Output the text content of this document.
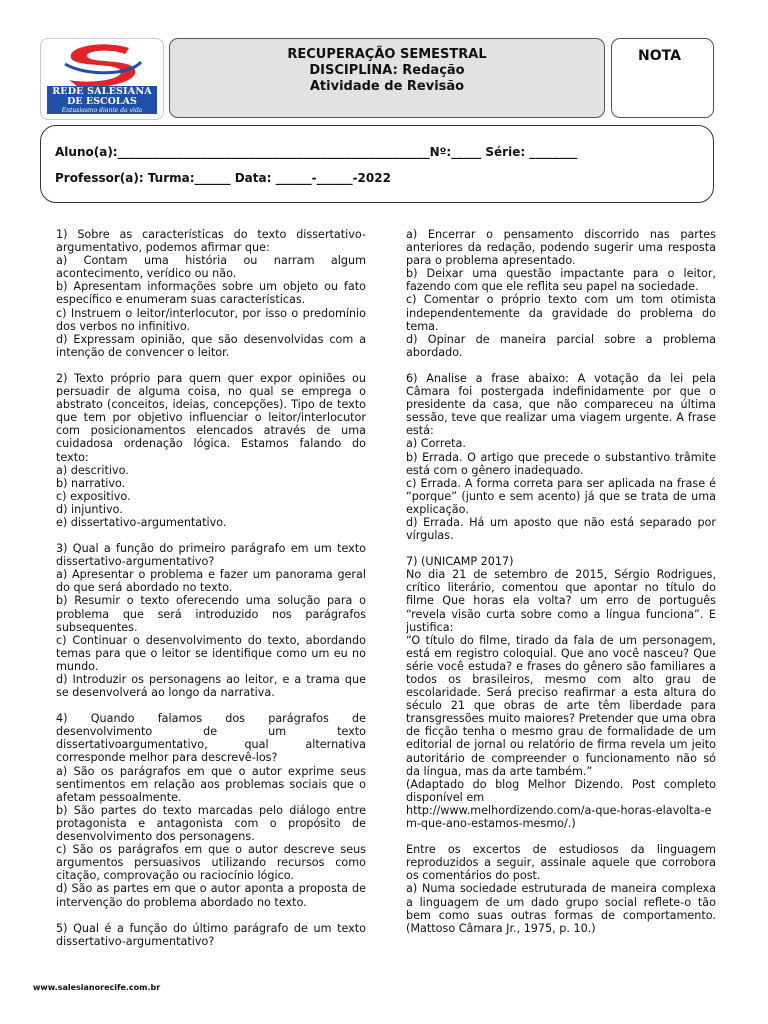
REDE SALESIANA
DE ESCOLAS
Entusiasmo diante da vida
RECUPERAÇÃO SEMESTRAL
DISCIPLINA: Redação
Atividade de Revisão
NOTA
Aluno(a):____________________________________________________Nº:_____ Série: ________
Professor(a): Turma:______ Data: ______-______-2022

1) Sobre as características do texto dissertativo-argumentativo, podemos afirmar que:

a) Contam uma história ou narram algum acontecimento, verídico ou não.

b) Apresentam informações sobre um objeto ou fato específico e enumeram suas características.

c) Instruem o leitor/interlocutor, por isso o predomínio dos verbos no infinitivo.

d) Expressam opinião, que são desenvolvidas com a intenção de convencer o leitor.

2) Texto próprio para quem quer expor opiniões ou persuadir de alguma coisa, no qual se emprega o abstrato (conceitos, ideias, concepções). Tipo de texto que tem por objetivo influenciar o leitor/interlocutor com posicionamentos elencados através de uma cuidadosa ordenação lógica. Estamos falando do texto:

a) descritivo.

b) narrativo.

c) expositivo.

d) injuntivo.

e) dissertativo-argumentativo.

3) Qual a função do primeiro parágrafo em um texto dissertativo-argumentativo?

a) Apresentar o problema e fazer um panorama geral do que será abordado no texto.

b) Resumir o texto oferecendo uma solução para o problema que será introduzido nos parágrafos subsequentes.

c) Continuar o desenvolvimento do texto, abordando temas para que o leitor se identifique como um eu no mundo.

d) Introduzir os personagens ao leitor, e a trama que se desenvolverá ao longo da narrativa.

4) Quando falamos dos parágrafos de desenvolvimento de um texto dissertativoargumentativo, qual alternativa corresponde melhor para descrevê-los?

a) São os parágrafos em que o autor exprime seus sentimentos em relação aos problemas sociais que o afetam pessoalmente.

b) São partes do texto marcadas pelo diálogo entre protagonista e antagonista com o propósito de desenvolvimento dos personagens.

c) São os parágrafos em que o autor descreve seus argumentos persuasivos utilizando recursos como citação, comprovação ou raciocínio lógico.

d) São as partes em que o autor aponta a proposta de intervenção do problema abordado no texto.

5) Qual é a função do último parágrafo de um texto dissertativo-argumentativo?

a) Encerrar o pensamento discorrido nas partes anteriores da redação, podendo sugerir uma resposta para o problema apresentado.

b) Deixar uma questão impactante para o leitor, fazendo com que ele reflita seu papel na sociedade.

c) Comentar o próprio texto com um tom otimista independentemente da gravidade do problema do tema.

d) Opinar de maneira parcial sobre a problema abordado.

6) Analise a frase abaixo: A votação da lei pela Câmara foi postergada indefinidamente por que o presidente da casa, que não compareceu na última sessão, teve que realizar uma viagem urgente. A frase está:

a) Correta.

b) Errada. O artigo que precede o substantivo trâmite está com o gênero inadequado.

c) Errada. A forma correta para ser aplicada na frase é “porque” (junto e sem acento) já que se trata de uma explicação.

d) Errada. Há um aposto que não está separado por vírgulas.

7) (UNICAMP 2017)

No dia 21 de setembro de 2015, Sérgio Rodrigues, crítico literário, comentou que apontar no título do filme Que horas ela volta? um erro de português “revela visão curta sobre como a língua funciona”. E justifica:

“O título do filme, tirado da fala de um personagem, está em registro coloquial. Que ano você nasceu? Que série você estuda? e frases do gênero são familiares a todos os brasileiros, mesmo com alto grau de escolaridade. Será preciso reafirmar a esta altura do século 21 que obras de arte têm liberdade para transgressões muito maiores? Pretender que uma obra de ficção tenha o mesmo grau de formalidade de um editorial de jornal ou relatório de firma revela um jeito autoritário de compreender o funcionamento não só da língua, mas da arte também.”

(Adaptado do blog Melhor Dizendo. Post completo disponível em

http://www.melhordizendo.com/a-que-horas-elavolta-em-que-ano-estamos-mesmo/.)

Entre os excertos de estudiosos da linguagem reproduzidos a seguir, assinale aquele que corrobora os comentários do post.

a) Numa sociedade estruturada de maneira complexa a linguagem de um dado grupo social reflete-o tão bem como suas outras formas de comportamento. (Mattoso Câmara Jr., 1975, p. 10.)

www.salesianorecife.com.br
